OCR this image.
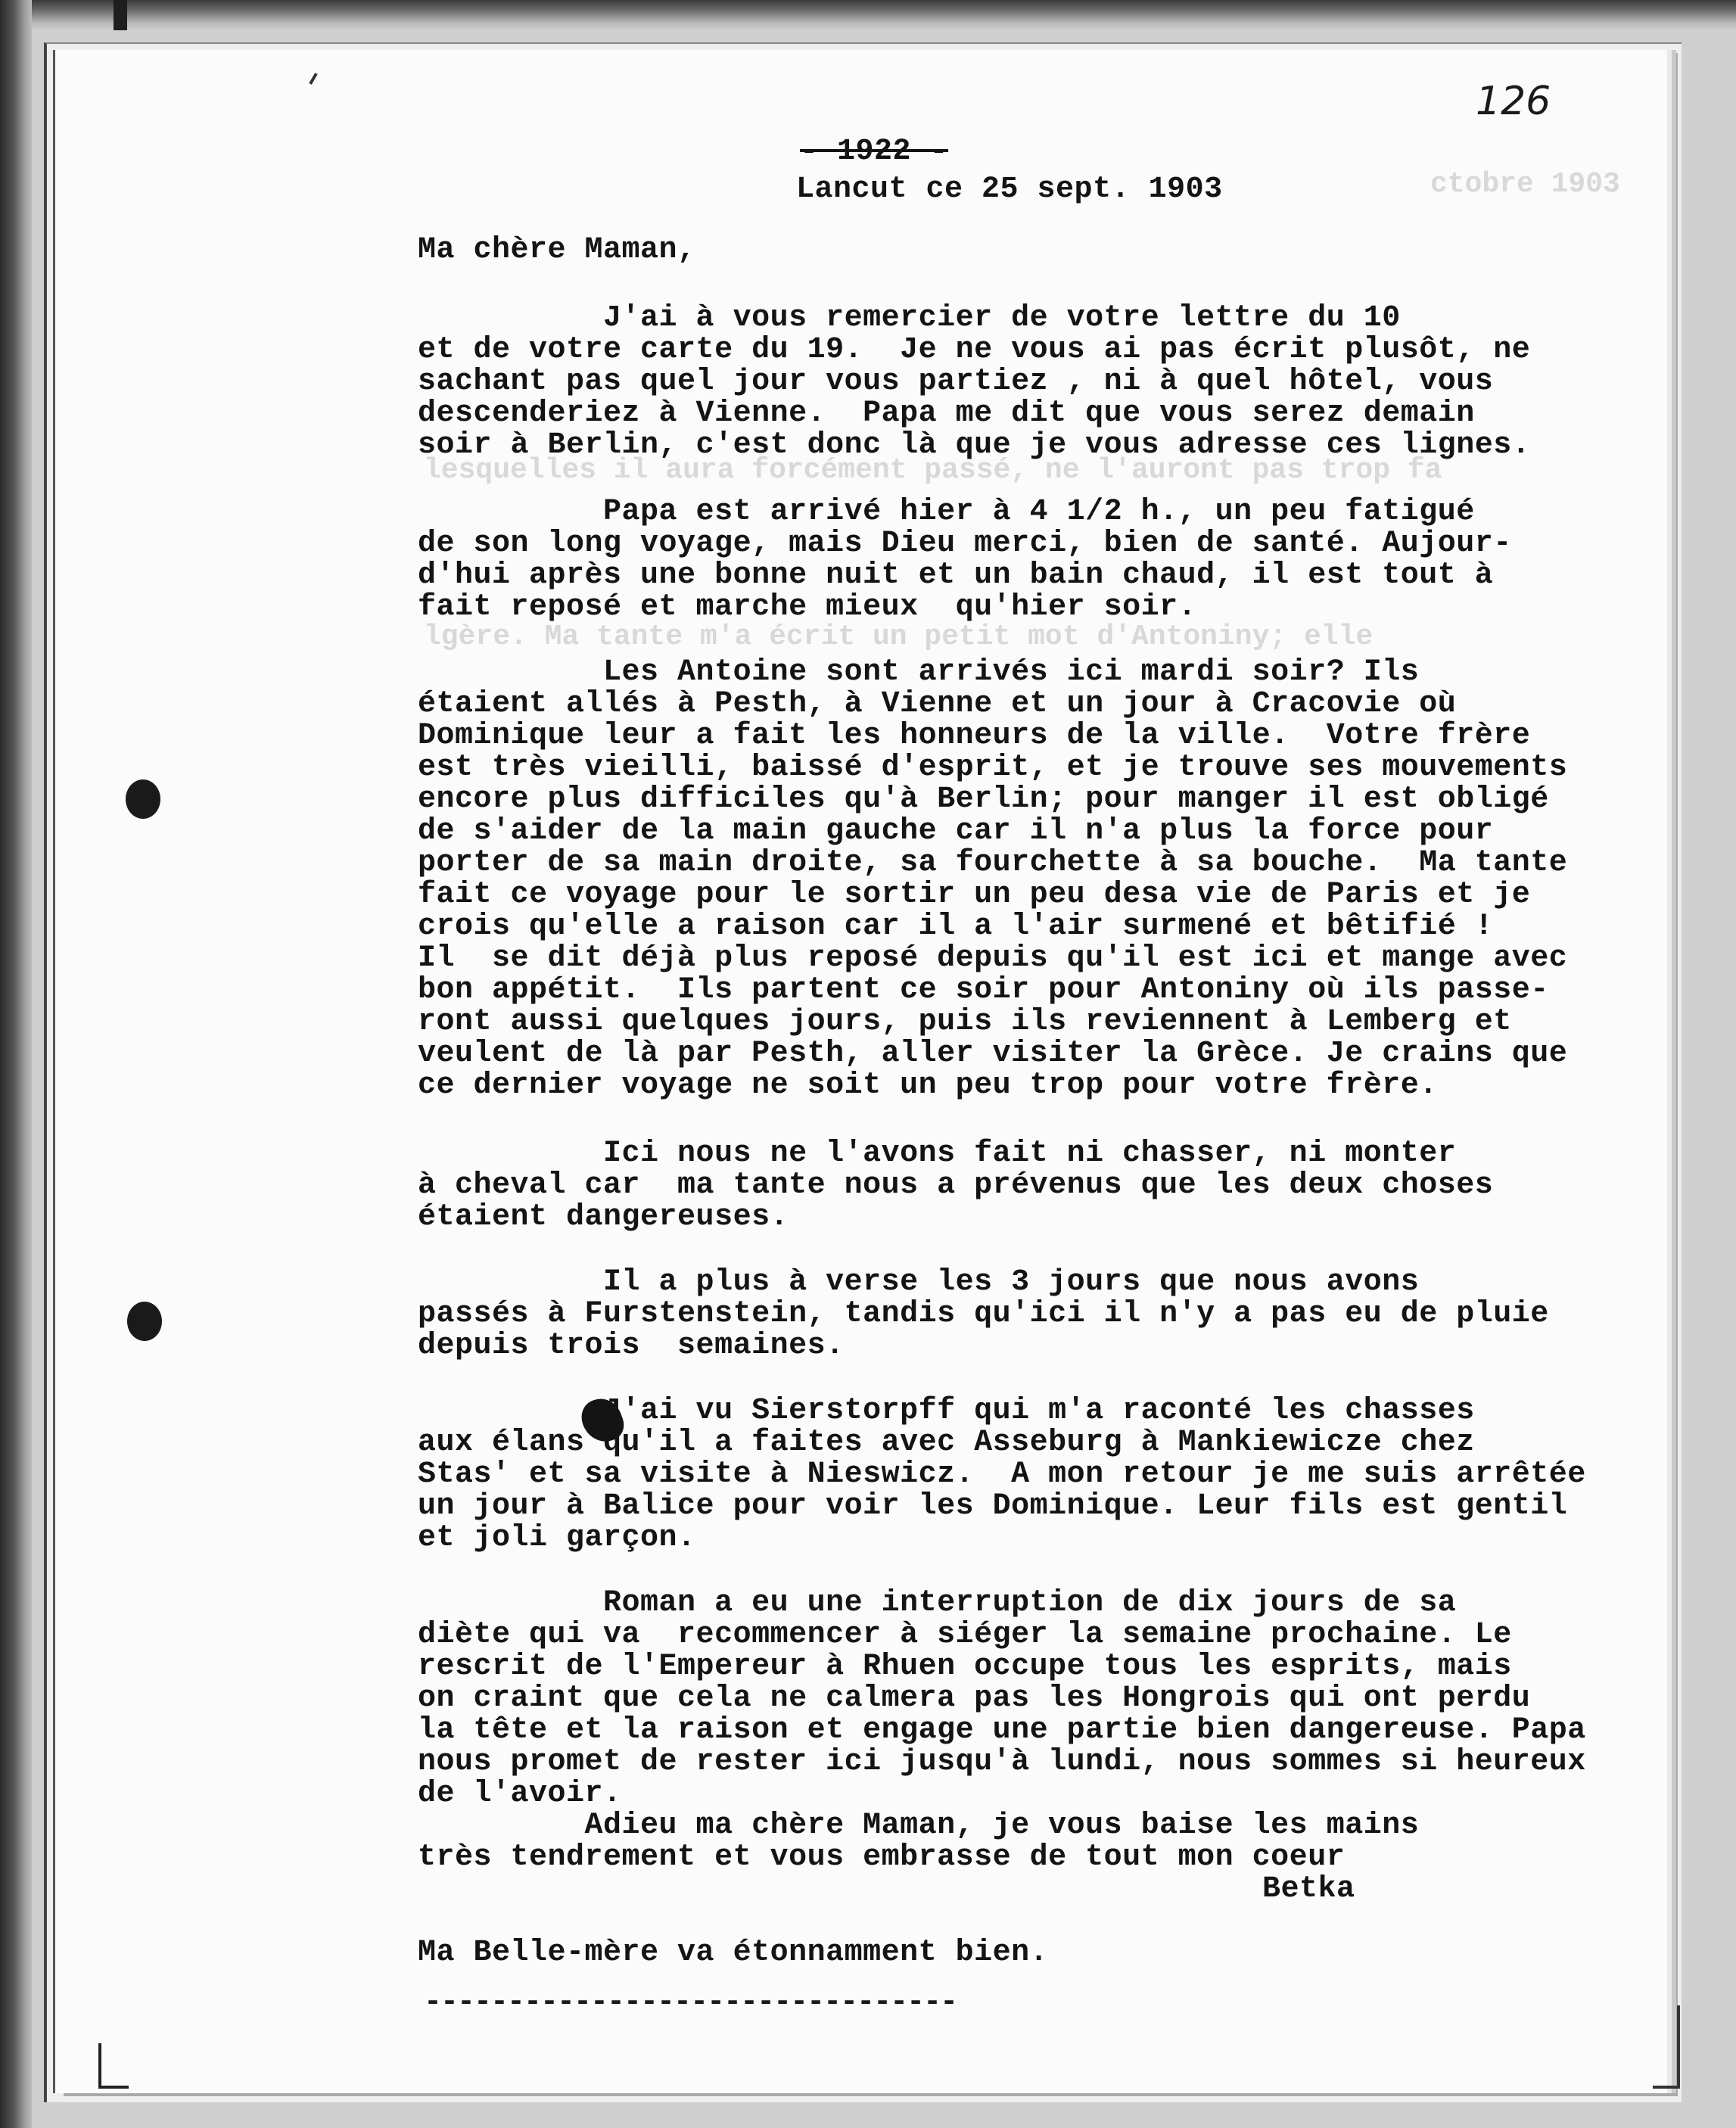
ctobre 1903
lesquelles il aura forcément passé, ne l'auront pas trop fa
lgère. Ma tante m'a écrit un petit mot d'Antoniny; elle

- 1922 -

126
Lancut ce 25 sept. 1903
Ma chère Maman,
J'ai à vous remercier de votre lettre du 10
et de votre carte du 19.  Je ne vous ai pas écrit plusôt, ne
sachant pas quel jour vous partiez , ni à quel hôtel, vous
descenderiez à Vienne.  Papa me dit que vous serez demain
soir à Berlin, c'est donc là que je vous adresse ces lignes.
Papa est arrivé hier à 4 1/2 h., un peu fatigué
de son long voyage, mais Dieu merci, bien de santé. Aujour-
d'hui après une bonne nuit et un bain chaud, il est tout à
fait reposé et marche mieux  qu'hier soir.
Les Antoine sont arrivés ici mardi soir? Ils
étaient allés à Pesth, à Vienne et un jour à Cracovie où
Dominique leur a fait les honneurs de la ville.  Votre frère
est très vieilli, baissé d'esprit, et je trouve ses mouvements
encore plus difficiles qu'à Berlin; pour manger il est obligé
de s'aider de la main gauche car il n'a plus la force pour
porter de sa main droite, sa fourchette à sa bouche.  Ma tante
fait ce voyage pour le sortir un peu desa vie de Paris et je
crois qu'elle a raison car il a l'air surmené et bêtifié !
Il  se dit déjà plus reposé depuis qu'il est ici et mange avec
bon appétit.  Ils partent ce soir pour Antoniny où ils passe-
ront aussi quelques jours, puis ils reviennent à Lemberg et
veulent de là par Pesth, aller visiter la Grèce. Je crains que
ce dernier voyage ne soit un peu trop pour votre frère.
Ici nous ne l'avons fait ni chasser, ni monter
à cheval car  ma tante nous a prévenus que les deux choses
étaient dangereuses.
Il a plus à verse les 3 jours que nous avons
passés à Furstenstein, tandis qu'ici il n'y a pas eu de pluie
depuis trois  semaines.
J'ai vu Sierstorpff qui m'a raconté les chasses
aux élans qu'il a faites avec Asseburg à Mankiewicze chez
Stas' et sa visite à Nieswicz.  A mon retour je me suis arrêtée
un jour à Balice pour voir les Dominique. Leur fils est gentil
et joli garçon.
Roman a eu une interruption de dix jours de sa
diète qui va  recommencer à siéger la semaine prochaine. Le
rescrit de l'Empereur à Rhuen occupe tous les esprits, mais
on craint que cela ne calmera pas les Hongrois qui ont perdu
la tête et la raison et engage une partie bien dangereuse. Papa
nous promet de rester ici jusqu'à lundi, nous sommes si heureux
de l'avoir.
Adieu ma chère Maman, je vous baise les mains
très tendrement et vous embrasse de tout mon coeur
Betka
Ma Belle-mère va étonnamment bien.
--------------------------------
